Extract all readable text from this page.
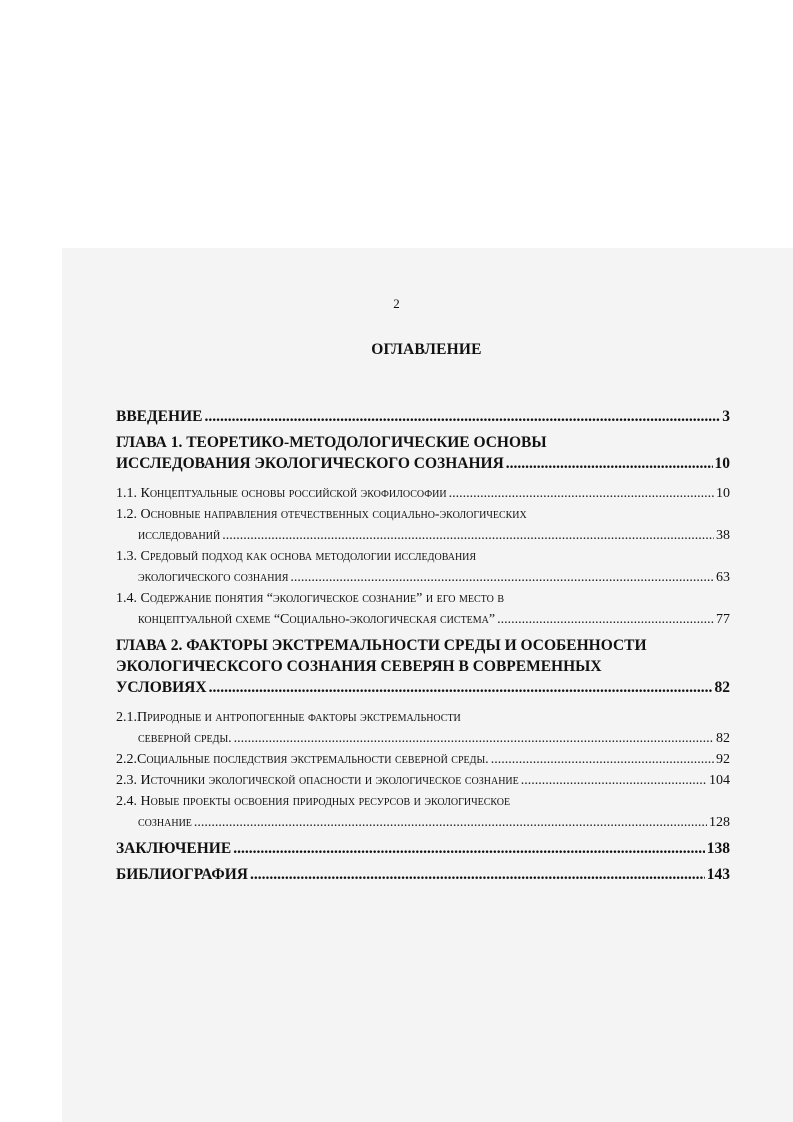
2
ОГЛАВЛЕНИЕ
ВВЕДЕНИЕ .....	3
ГЛАВА 1. ТЕОРЕТИКО-МЕТОДОЛОГИЧЕСКИЕ ОСНОВЫ
ИССЛЕДОВАНИЯ ЭКОЛОГИЧЕСКОГО СОЗНАНИЯ .....	10
1.1. Концептуальные основы российской экофилософии .....	10
1.2. Основные направления отечественных социально-экологических
исследований .....	38
1.3. Средовый подход как основа методологии исследования
экологического сознания .....	63
1.4. Содержание понятия “экологическое сознание” и его место в
концептуальной схеме “Социально-экологическая система” .....	77
ГЛАВА 2. ФАКТОРЫ ЭКСТРЕМАЛЬНОСТИ СРЕДЫ И ОСОБЕННОСТИ
ЭКОЛОГИЧЕСКСОГО СОЗНАНИЯ СЕВЕРЯН В СОВРЕМЕННЫХ
УСЛОВИЯХ .....	82
2.1.Природные и антропогенные факторы экстремальности
северной среды. .....	82
2.2.Социальные последствия экстремальности северной среды. .....	92
2.3. Источники экологической опасности и экологическое сознание .....	104
2.4. Новые проекты освоения природных ресурсов и экологическое
сознание .....	128
ЗАКЛЮЧЕНИЕ .....	138
БИБЛИОГРАФИЯ .....	143
